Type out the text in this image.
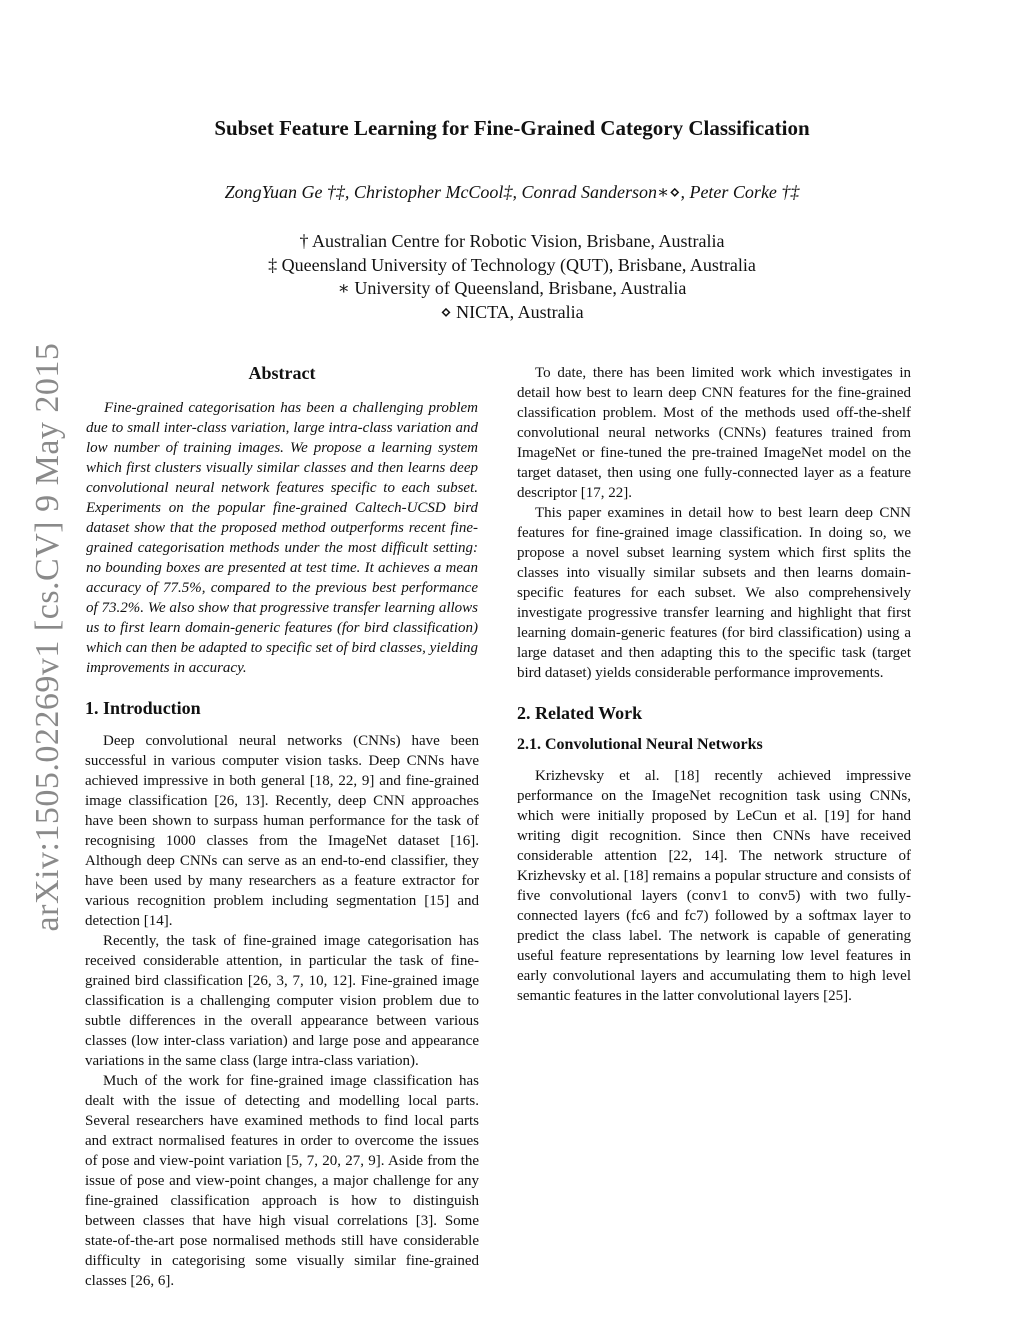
arXiv:1505.02269v1 [cs.CV] 9 May 2015
Subset Feature Learning for Fine-Grained Category Classification
ZongYuan Ge †‡, Christopher McCool‡, Conrad Sanderson∗⋄, Peter Corke †‡
† Australian Centre for Robotic Vision, Brisbane, Australia
‡ Queensland University of Technology (QUT), Brisbane, Australia
∗ University of Queensland, Brisbane, Australia
⋄ NICTA, Australia
Abstract

Fine-grained categorisation has been a challenging problem due to small inter-class variation, large intra-class variation and low number of training images. We propose a learning system which first clusters visually similar classes and then learns deep convolutional neural network features specific to each subset. Experiments on the popular fine-grained Caltech-UCSD bird dataset show that the proposed method outperforms recent fine-grained categorisation methods under the most difficult setting: no bounding boxes are presented at test time. It achieves a mean accuracy of 77.5%, compared to the previous best performance of 73.2%. We also show that progressive transfer learning allows us to first learn domain-generic features (for bird classification) which can then be adapted to specific set of bird classes, yielding improvements in accuracy.

1. Introduction

Deep convolutional neural networks (CNNs) have been successful in various computer vision tasks. Deep CNNs have achieved impressive in both general [18, 22, 9] and fine-grained image classification [26, 13]. Recently, deep CNN approaches have been shown to surpass human performance for the task of recognising 1000 classes from the ImageNet dataset [16]. Although deep CNNs can serve as an end-to-end classifier, they have been used by many researchers as a feature extractor for various recognition problem including segmentation [15] and detection [14].

Recently, the task of fine-grained image categorisation has received considerable attention, in particular the task of fine-grained bird classification [26, 3, 7, 10, 12]. Fine-grained image classification is a challenging computer vision problem due to subtle differences in the overall appearance between various classes (low inter-class variation) and large pose and appearance variations in the same class (large intra-class variation).

Much of the work for fine-grained image classification has dealt with the issue of detecting and modelling local parts. Several researchers have examined methods to find local parts and extract normalised features in order to overcome the issues of pose and view-point variation [5, 7, 20, 27, 9]. Aside from the issue of pose and view-point changes, a major challenge for any fine-grained classification approach is how to distinguish between classes that have high visual correlations [3]. Some state-of-the-art pose normalised methods still have considerable difficulty in categorising some visually similar fine-grained classes [26, 6].

To date, there has been limited work which investigates in detail how best to learn deep CNN features for the fine-grained classification problem. Most of the methods used off-the-shelf convolutional neural networks (CNNs) features trained from ImageNet or fine-tuned the pre-trained ImageNet model on the target dataset, then using one fully-connected layer as a feature descriptor [17, 22].

This paper examines in detail how to best learn deep CNN features for fine-grained image classification. In doing so, we propose a novel subset learning system which first splits the classes into visually similar subsets and then learns domain-specific features for each subset. We also comprehensively investigate progressive transfer learning and highlight that first learning domain-generic features (for bird classification) using a large dataset and then adapting this to the specific task (target bird dataset) yields considerable performance improvements.

2. Related Work
2.1. Convolutional Neural Networks

Krizhevsky et al. [18] recently achieved impressive performance on the ImageNet recognition task using CNNs, which were initially proposed by LeCun et al. [19] for hand writing digit recognition. Since then CNNs have received considerable attention [22, 14]. The network structure of Krizhevsky et al. [18] remains a popular structure and consists of five convolutional layers (conv1 to conv5) with two fully-connected layers (fc6 and fc7) followed by a softmax layer to predict the class label. The network is capable of generating useful feature representations by learning low level features in early convolutional layers and accumulating them to high level semantic features in the latter convolutional layers [25].
